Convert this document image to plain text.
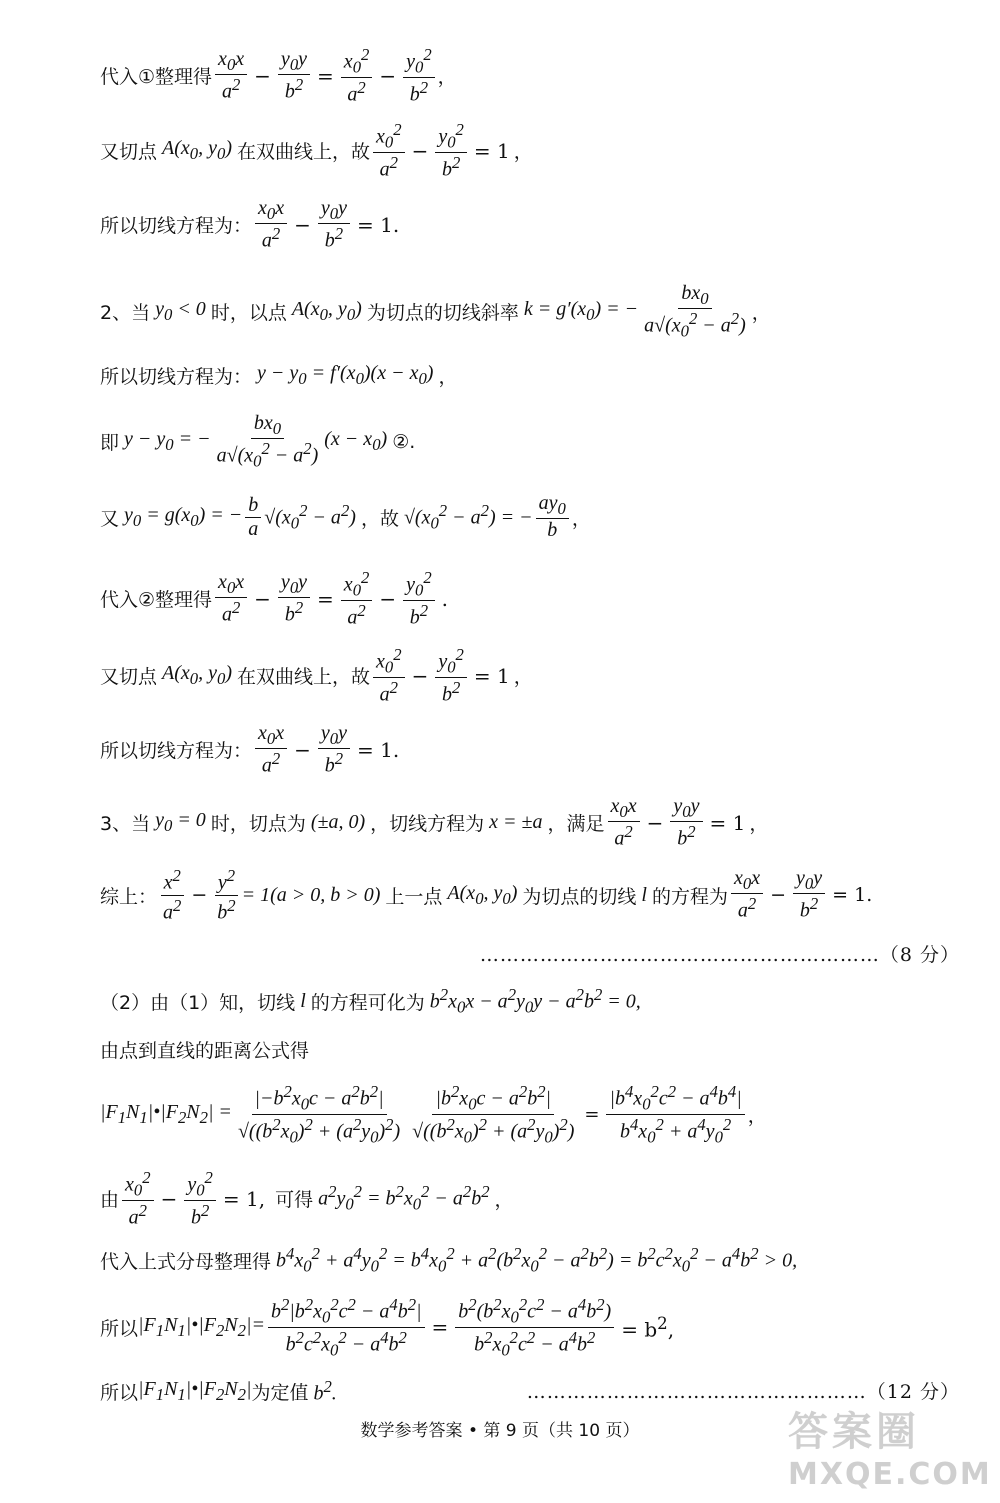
代入①整理得 $\frac{x_0x}{a^2} - \frac{y_0y}{b^2} = \frac{x_0^2}{a^2} - \frac{y_0^2}{b^2}$ ，
又切点 $A(x_0$, $y_0$) 在双曲线上，故 $\frac{x_0^2}{a^2} - \frac{y_0^2}{b^2} = 1$ ，
所以切线方程为： $\frac{x_0x}{a^2} - \frac{y_0y}{b^2} = 1$.
2、当 $y_0 < 0$ 时，以点 $A(x_0$, $y_0$) 为切点的切线斜率 $k = g'(x_0)$ = − $\frac{bx_0}{a√(x_0^2 - a^2)}$ ，
所以切线方程为： $y - y_0 = f'(x_0)(x - x_0)$ ，
即 $y - y_0$ = − $\frac{bx_0}{a√(x_0^2 - a^2)} (x - x_0)$ ②.
又 $y_0 = g(x_0)$ = − $\frac{b}{a} √(x_0^2 - a^2)$ ，故 $√(x_0^2 - a^2)$ = − $\frac{ay_0}{b}$ ，
代入②整理得 $\frac{x_0x}{a^2} - \frac{y_0y}{b^2} = \frac{x_0^2}{a^2} - \frac{y_0^2}{b^2}$ .
又切点 $A(x_0$, $y_0$) 在双曲线上，故 $\frac{x_0^2}{a^2} - \frac{y_0^2}{b^2} = 1$ ，
所以切线方程为： $\frac{x_0x}{a^2} - \frac{y_0y}{b^2} = 1$.
3、当 $y_0 = 0$ 时，切点为 (±a, 0) ，切线方程为 x = ±a ，满足 $\frac{x_0x}{a^2} - \frac{y_0y}{b^2} = 1$ ，
综上： $\frac{x^2}{a^2} - \frac{y^2}{b^2} = 1(a > 0$, b > 0) 上一点 $A(x_0$, $y_0$) 为切点的切线 l 的方程为 $\frac{x_0x}{a^2} - \frac{y_0y}{b^2} = 1$.
……………………………………………………（8 分）
（2）由（1）知，切线 l 的方程可化为 $b^2x_0x - a^2y_0y - a^2b^2 = 0$,
由点到直线的距离公式得
$|F_1N_1|•|F_2N_2| = \frac{|-b^2x_0c - a^2b^2|}{√((b^2x_0)^2 + (a^2y_0)^2)} \frac{|b^2x_0c - a^2b^2|}{√((b^2x_0)^2 + (a^2y_0)^2)} = \frac{|b^4x_0^2c^2 - a^4b^4|}{b^4x_0^2 + a^4y_0^2}$ ，
由 $\frac{x_0^2}{a^2} - \frac{y_0^2}{b^2} = 1$, 可得 $a^2y_0^2 = b^2x_0^2 - a^2b^2$ ，
代入上式分母整理得 $b^4x_0^2 + a^4y_0^2 = b^4x_0^2 + a^2(b^2x_0^2 - a^2b^2) = b^2c^2x_0^2 - a^4b^2 > 0$,
所以 $|F_1N_1|•|F_2N_2|= \frac{b^2|b^2x_0^2c^2 - a^4b^2|}{b^2c^2x_0^2 - a^4b^2} = \frac{b^2(b^2x_0^2c^2 - a^4b^2)}{b^2x_0^2c^2 - a^4b^2} = b^2$,
所以 $|F_1N_1|•|F_2N_2|$ 为定值 $b^2$.	……………………………………………（12 分）
数学参考答案 • 第 9 页（共 10 页）	答案圈
MXQE.COM
